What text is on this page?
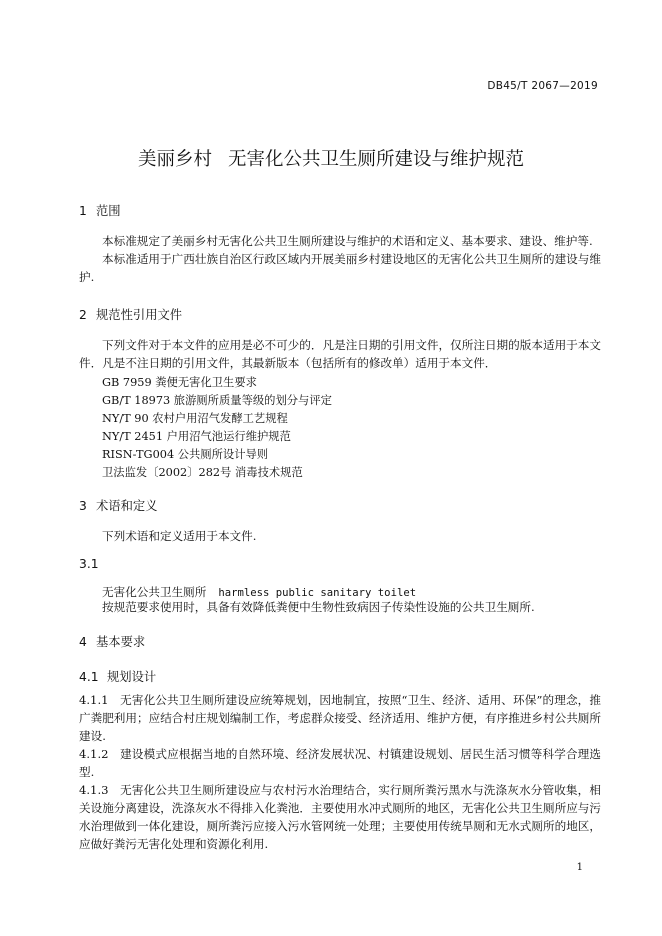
DB45/T 2067—2019
美丽乡村 无害化公共卫生厕所建设与维护规范
1 范围
本标准规定了美丽乡村无害化公共卫生厕所建设与维护的术语和定义、基本要求、建设、维护等.
本标准适用于广西壮族自治区行政区域内开展美丽乡村建设地区的无害化公共卫生厕所的建设与维护.
2 规范性引用文件
下列文件对于本文件的应用是必不可少的．凡是注日期的引用文件，仅所注日期的版本适用于本文件．凡是不注日期的引用文件，其最新版本（包括所有的修改单）适用于本文件．
GB 7959 粪便无害化卫生要求
GB/T 18973 旅游厕所质量等级的划分与评定
NY/T 90 农村户用沼气发酵工艺规程
NY/T 2451 户用沼气池运行维护规范
RISN-TG004 公共厕所设计导则
卫法监发〔2002〕282号 消毒技术规范
3 术语和定义
下列术语和定义适用于本文件.
3.1
无害化公共卫生厕所 harmless public sanitary toilet
按规范要求使用时，具备有效降低粪便中生物性致病因子传染性设施的公共卫生厕所.
4 基本要求
4.1 规划设计
4.1.1 无害化公共卫生厕所建设应统筹规划，因地制宜，按照“卫生、经济、适用、环保”的理念，推广粪肥利用；应结合村庄规划编制工作，考虑群众接受、经济适用、维护方便，有序推进乡村公共厕所建设.
4.1.2 建设模式应根据当地的自然环境、经济发展状况、村镇建设规划、居民生活习惯等科学合理选型.
4.1.3 无害化公共卫生厕所建设应与农村污水治理结合，实行厕所粪污黑水与洗涤灰水分管收集，相关设施分离建设，洗涤灰水不得排入化粪池．主要使用水冲式厕所的地区，无害化公共卫生厕所应与污水治理做到一体化建设，厕所粪污应接入污水管网统一处理；主要使用传统旱厕和无水式厕所的地区，应做好粪污无害化处理和资源化利用.
1
